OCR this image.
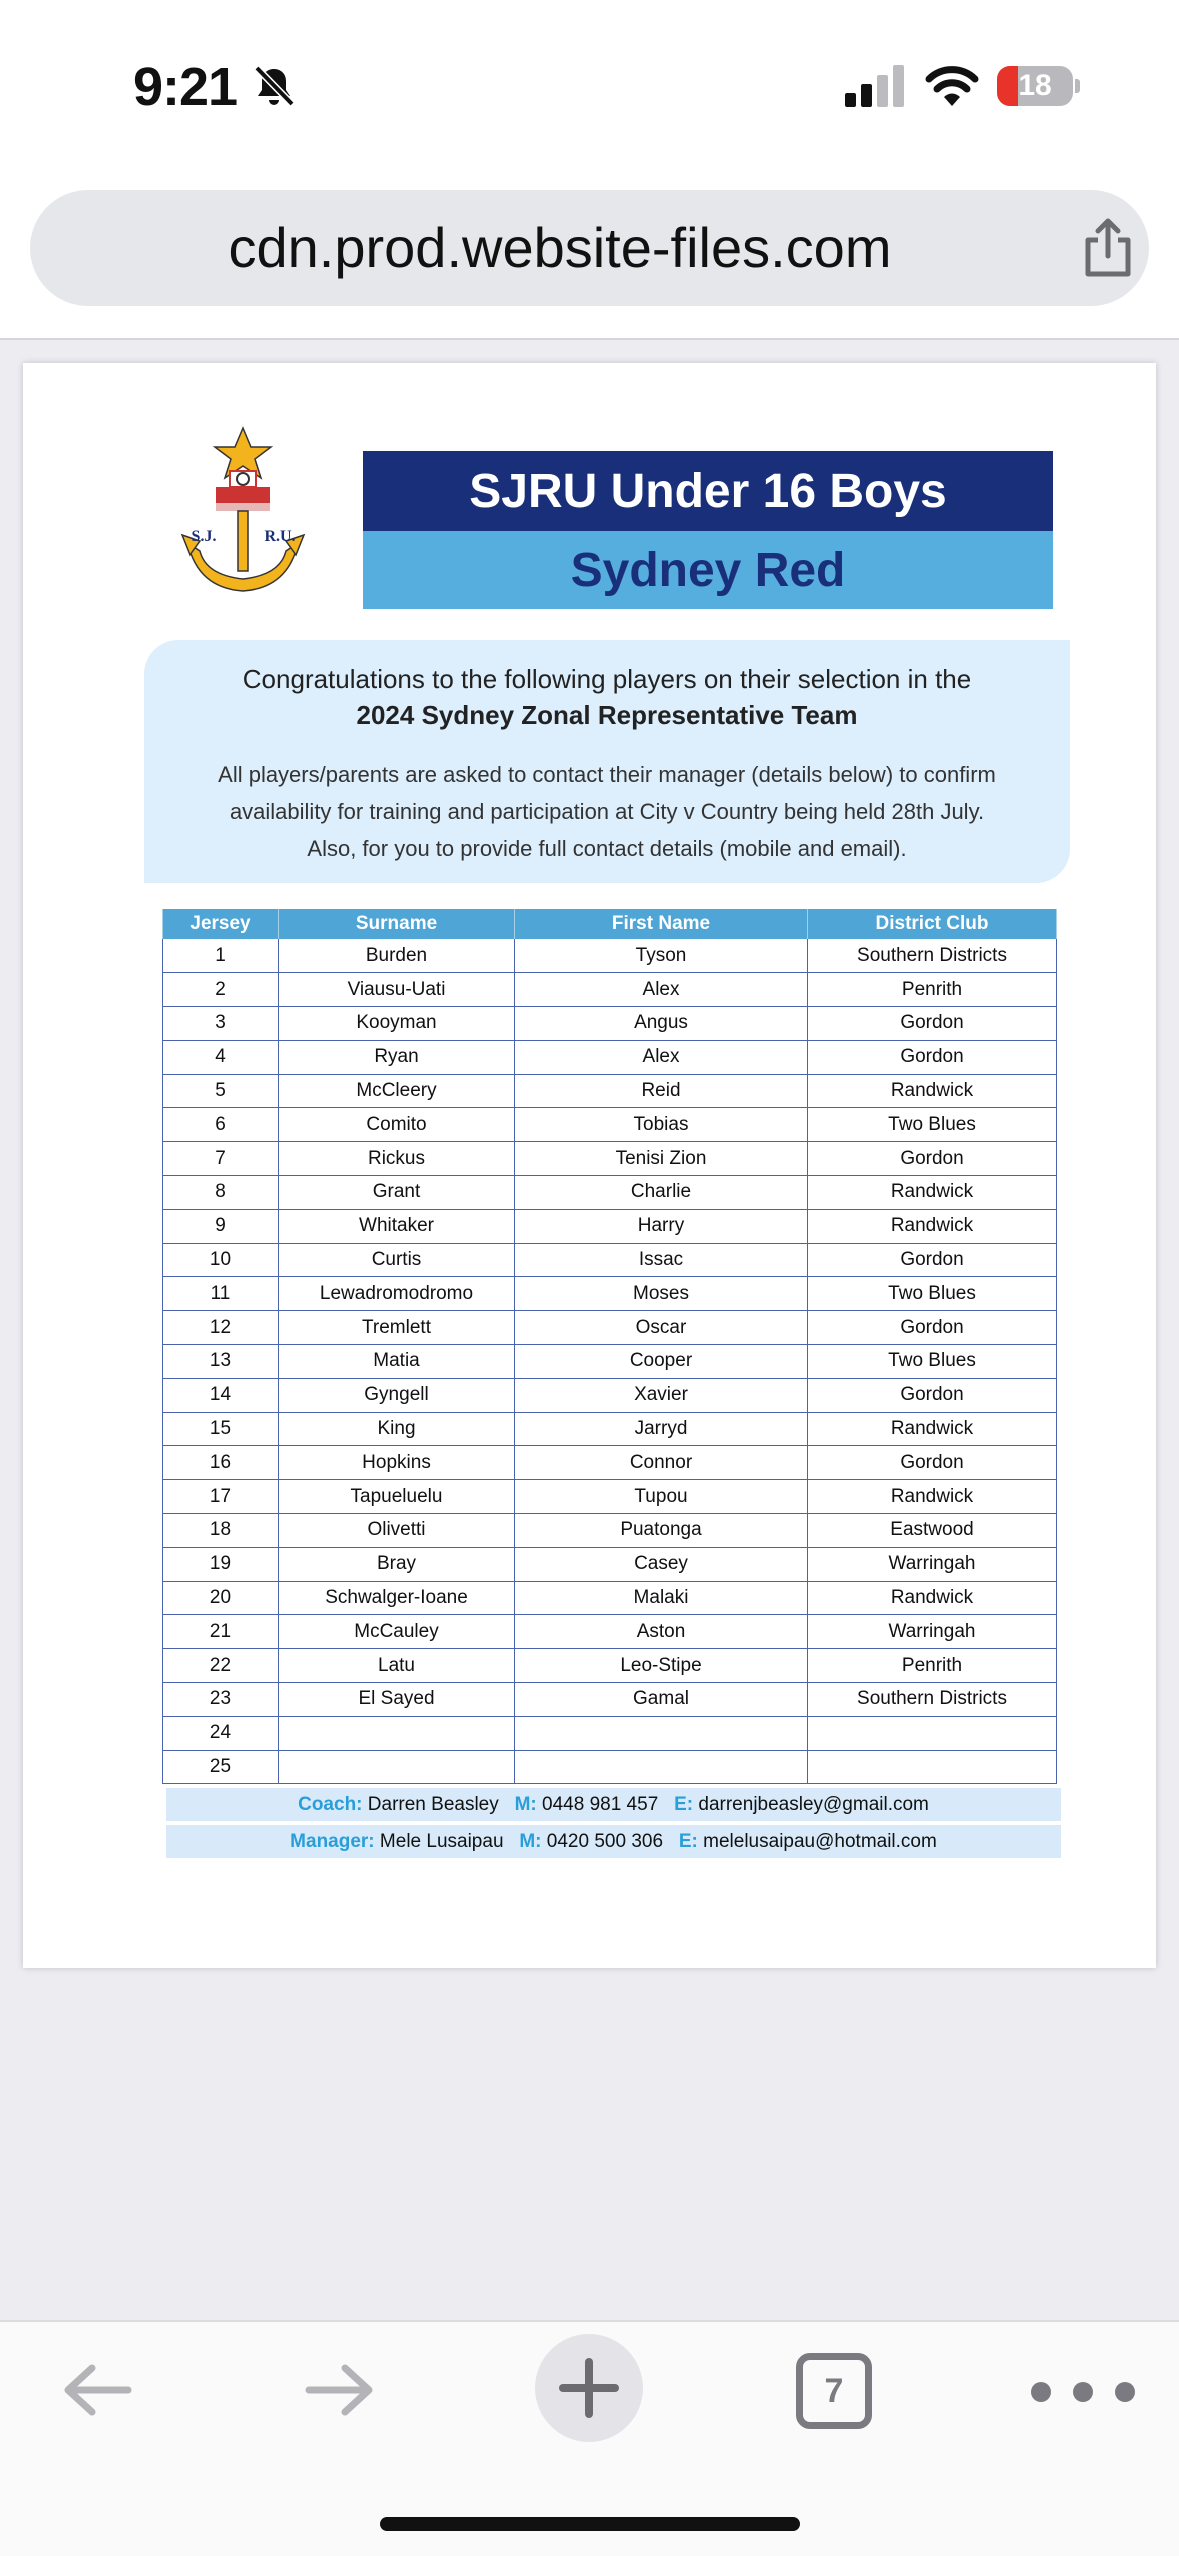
9:21	18
cdn.prod.website-files.com
S.J.	R.U.
SJRU Under 16 Boys
Sydney Red
Congratulations to the following players on their selection in the
2024 Sydney Zonal Representative Team
All players/parents are asked to contact their manager (details below) to confirm
availability for training and participation at City v Country being held 28th July.
Also, for you to provide full contact details (mobile and email).
Jersey	Surname	First Name	District Club
1	Burden	Tyson	Southern Districts
2	Viausu-Uati	Alex	Penrith
3	Kooyman	Angus	Gordon
4	Ryan	Alex	Gordon
5	McCleery	Reid	Randwick
6	Comito	Tobias	Two Blues
7	Rickus	Tenisi Zion	Gordon
8	Grant	Charlie	Randwick
9	Whitaker	Harry	Randwick
10	Curtis	Issac	Gordon
11	Lewadromodromo	Moses	Two Blues
12	Tremlett	Oscar	Gordon
13	Matia	Cooper	Two Blues
14	Gyngell	Xavier	Gordon
15	King	Jarryd	Randwick
16	Hopkins	Connor	Gordon
17	Tapueluelu	Tupou	Randwick
18	Olivetti	Puatonga	Eastwood
19	Bray	Casey	Warringah
20	Schwalger-Ioane	Malaki	Randwick
21	McCauley	Aston	Warringah
22	Latu	Leo-Stipe	Penrith
23	El Sayed	Gamal	Southern Districts
24			
25			
Coach: Darren Beasley M: 0448 981 457 E: darrenjbeasley@gmail.com
Manager: Mele Lusaipau M: 0420 500 306 E: melelusaipau@hotmail.com
7
